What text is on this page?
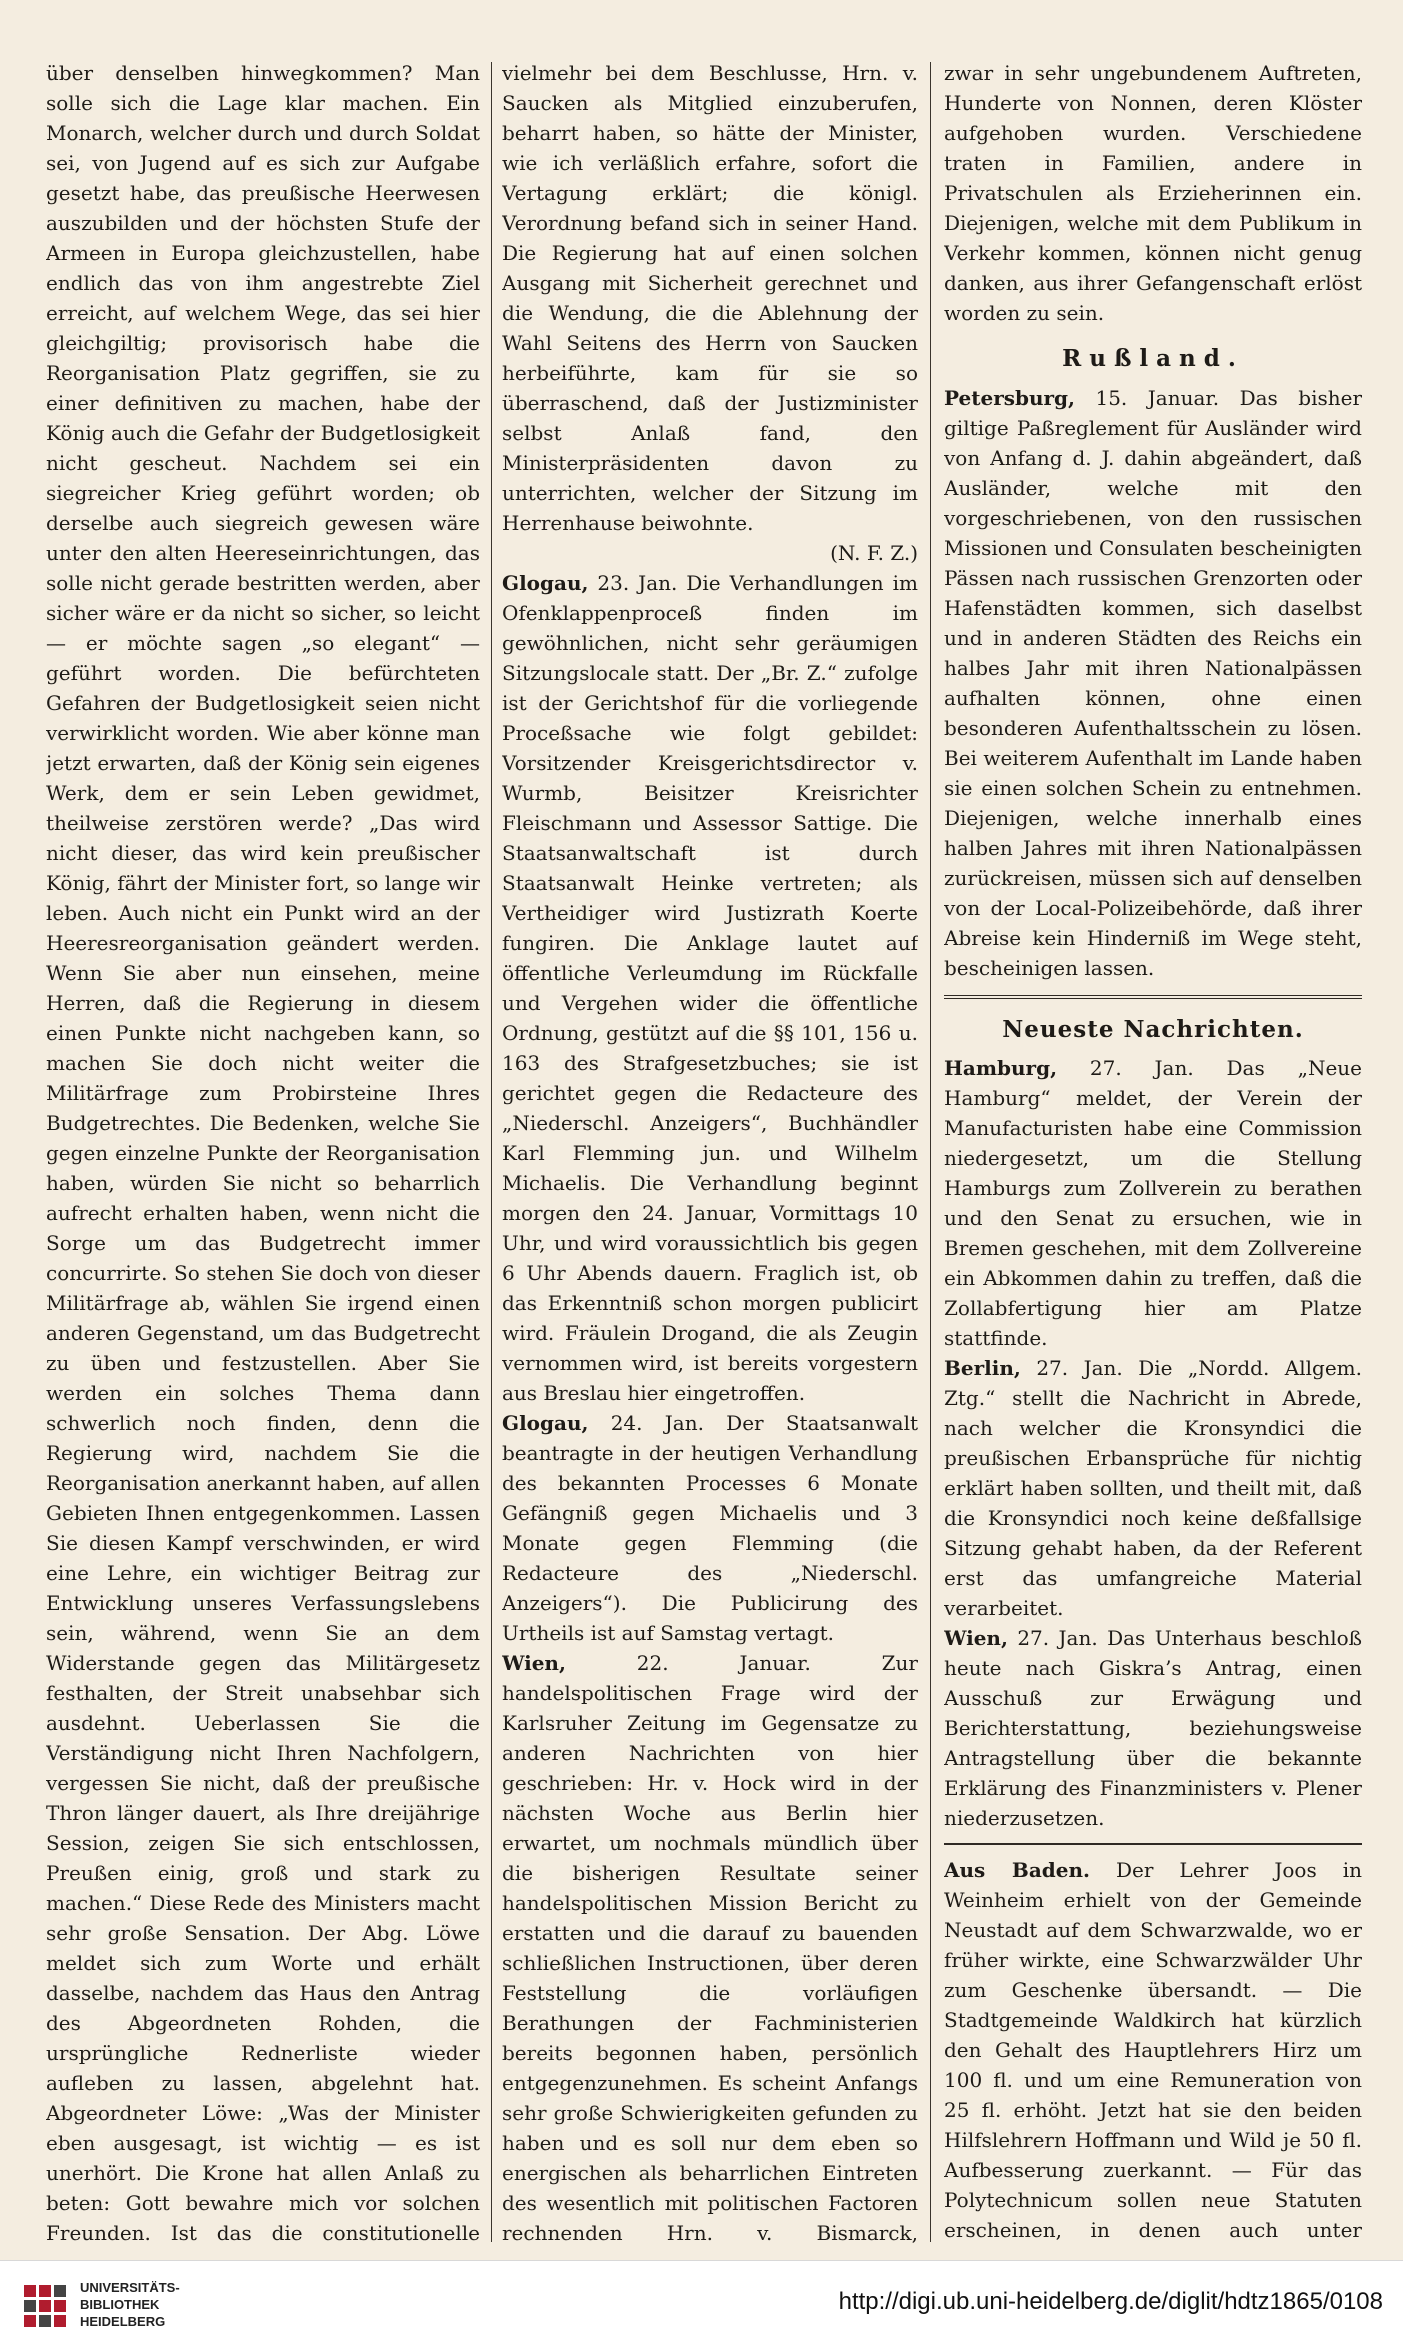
über denselben hinwegkommen? Man solle sich die Lage klar machen. Ein Monarch, welcher durch und durch Soldat sei, von Jugend auf es sich zur Aufgabe gesetzt habe, das preußische Heerwesen auszubilden und der höchsten Stufe der Armeen in Europa gleichzustellen, habe endlich das von ihm angestrebte Ziel erreicht, auf welchem Wege, das sei hier gleichgiltig; provisorisch habe die Reorganisation Platz gegriffen, sie zu einer definitiven zu machen, habe der König auch die Gefahr der Budgetlosigkeit nicht gescheut. Nachdem sei ein siegreicher Krieg geführt worden; ob derselbe auch siegreich gewesen wäre unter den alten Heereseinrichtungen, das solle nicht gerade bestritten werden, aber sicher wäre er da nicht so sicher, so leicht — er möchte sagen „so elegant“ — geführt worden. Die befürchteten Gefahren der Budgetlosigkeit seien nicht verwirklicht worden. Wie aber könne man jetzt erwarten, daß der König sein eigenes Werk, dem er sein Leben gewidmet, theilweise zerstören werde? „Das wird nicht dieser, das wird kein preußischer König, fährt der Minister fort, so lange wir leben. Auch nicht ein Punkt wird an der Heeresreorganisation geändert werden. Wenn Sie aber nun einsehen, meine Herren, daß die Regierung in diesem einen Punkte nicht nachgeben kann, so machen Sie doch nicht weiter die Militärfrage zum Probirsteine Ihres Budgetrechtes. Die Bedenken, welche Sie gegen einzelne Punkte der Reorganisation haben, würden Sie nicht so beharrlich aufrecht erhalten haben, wenn nicht die Sorge um das Budgetrecht immer concurrirte. So stehen Sie doch von dieser Militärfrage ab, wählen Sie irgend einen anderen Gegenstand, um das Budgetrecht zu üben und festzustellen. Aber Sie werden ein solches Thema dann schwerlich noch finden, denn die Regierung wird, nachdem Sie die Reorganisation anerkannt haben, auf allen Gebieten Ihnen entgegenkommen. Lassen Sie diesen Kampf verschwinden, er wird eine Lehre, ein wichtiger Beitrag zur Entwicklung unseres Verfassungslebens sein, während, wenn Sie an dem Widerstande gegen das Militärgesetz festhalten, der Streit unabsehbar sich ausdehnt. Ueberlassen Sie die Verständigung nicht Ihren Nachfolgern, vergessen Sie nicht, daß der preußische Thron länger dauert, als Ihre dreijährige Session, zeigen Sie sich entschlossen, Preußen einig, groß und stark zu machen.“ Diese Rede des Ministers macht sehr große Sensation. Der Abg. Löwe meldet sich zum Worte und erhält dasselbe, nachdem das Haus den Antrag des Abgeordneten Rohden, die ursprüngliche Rednerliste wieder aufleben zu lassen, abgelehnt hat. Abgeordneter Löwe: „Was der Minister eben ausgesagt, ist wichtig — es ist unerhört. Die Krone hat allen Anlaß zu beten: Gott bewahre mich vor solchen Freunden. Ist das die constitutionelle

vielmehr bei dem Beschlusse, Hrn. v. Saucken als Mitglied einzuberufen, beharrt haben, so hätte der Minister, wie ich verläßlich erfahre, sofort die Vertagung erklärt; die königl. Verordnung befand sich in seiner Hand. Die Regierung hat auf einen solchen Ausgang mit Sicherheit gerechnet und die Wendung, die die Ablehnung der Wahl Seitens des Herrn von Saucken herbeiführte, kam für sie so überraschend, daß der Justizminister selbst Anlaß fand, den Ministerpräsidenten davon zu unterrichten, welcher der Sitzung im Herrenhause beiwohnte.

(N. F. Z.)

Glogau, 23. Jan. Die Verhandlungen im Ofenklappenproceß finden im gewöhnlichen, nicht sehr geräumigen Sitzungslocale statt. Der „Br. Z.“ zufolge ist der Gerichtshof für die vorliegende Proceßsache wie folgt gebildet: Vorsitzender Kreisgerichtsdirector v. Wurmb, Beisitzer Kreisrichter Fleischmann und Assessor Sattige. Die Staatsanwaltschaft ist durch Staatsanwalt Heinke vertreten; als Vertheidiger wird Justizrath Koerte fungiren. Die Anklage lautet auf öffentliche Verleumdung im Rückfalle und Vergehen wider die öffentliche Ordnung, gestützt auf die §§ 101, 156 u. 163 des Strafgesetzbuches; sie ist gerichtet gegen die Redacteure des „Niederschl. Anzeigers“, Buchhändler Karl Flemming jun. und Wilhelm Michaelis. Die Verhandlung beginnt morgen den 24. Januar, Vormittags 10 Uhr, und wird voraussichtlich bis gegen 6 Uhr Abends dauern. Fraglich ist, ob das Erkenntniß schon morgen publicirt wird. Fräulein Drogand, die als Zeugin vernommen wird, ist bereits vorgestern aus Breslau hier eingetroffen.

Glogau, 24. Jan. Der Staatsanwalt beantragte in der heutigen Verhandlung des bekannten Processes 6 Monate Gefängniß gegen Michaelis und 3 Monate gegen Flemming (die Redacteure des „Niederschl. Anzeigers“). Die Publicirung des Urtheils ist auf Samstag vertagt.

Wien,	22. Januar. Zur handelspolitischen Frage wird der Karlsruher Zeitung im Gegensatze zu anderen Nachrichten von hier geschrieben: Hr. v. Hock wird in der nächsten Woche aus Berlin hier erwartet, um nochmals mündlich über die bisherigen Resultate seiner handelspolitischen Mission Bericht zu erstatten und die darauf zu bauenden schließlichen Instructionen, über deren Feststellung die vorläufigen Berathungen der Fachministerien bereits begonnen haben, persönlich entgegenzunehmen. Es scheint Anfangs sehr große Schwierigkeiten gefunden zu haben und es soll nur dem eben so energischen als beharrlichen Eintreten des wesentlich mit politischen Factoren rechnenden Hrn. v. Bismarck,

zwar in sehr ungebundenem Auftreten, Hunderte von Nonnen, deren Klöster aufgehoben wurden. Verschiedene traten in Familien, andere in Privatschulen als Erzieherinnen ein. Diejenigen, welche mit dem Publikum in Verkehr kommen, können nicht genug danken, aus ihrer Gefangenschaft erlöst worden zu sein.

Rußland.

Petersburg, 15. Januar. Das bisher giltige Paßreglement für Ausländer wird von Anfang d. J. dahin abgeändert, daß Ausländer, welche mit den vorgeschriebenen, von den russischen Missionen und Consulaten bescheinigten Pässen nach russischen Grenzorten oder Hafenstädten kommen, sich daselbst und in anderen Städten des Reichs ein halbes Jahr mit ihren Nationalpässen aufhalten können, ohne einen besonderen Aufenthaltsschein zu lösen. Bei weiterem Aufenthalt im Lande haben sie einen solchen Schein zu entnehmen. Diejenigen, welche innerhalb eines halben Jahres mit ihren Nationalpässen zurückreisen, müssen sich auf denselben von der Local-Polizeibehörde, daß ihrer Abreise kein Hinderniß im Wege steht, bescheinigen lassen.

Neueste Nachrichten.

Hamburg, 27. Jan. Das „Neue Hamburg“ meldet, der Verein der Manufacturisten habe eine Commission niedergesetzt, um die Stellung Hamburgs zum Zollverein zu berathen und den Senat zu ersuchen, wie in Bremen geschehen, mit dem Zollvereine ein Abkommen dahin zu treffen, daß die Zollabfertigung hier am Platze stattfinde.

Berlin, 27. Jan. Die „Nordd. Allgem. Ztg.“ stellt die Nachricht in Abrede, nach welcher die Kronsyndici die preußischen Erbansprüche für nichtig erklärt haben sollten, und theilt mit, daß die Kronsyndici noch keine deßfallsige Sitzung gehabt haben, da der Referent erst das umfangreiche Material verarbeitet.

Wien, 27. Jan. Das Unterhaus beschloß heute nach Giskra’s Antrag, einen Ausschuß zur Erwägung und Berichterstattung, beziehungsweise Antragstellung über die bekannte Erklärung des Finanzministers v. Plener niederzusetzen.

Aus Baden. Der Lehrer Joos in Weinheim erhielt von der Gemeinde Neustadt auf dem Schwarzwalde, wo er früher wirkte, eine Schwarzwälder Uhr zum Geschenke übersandt. — Die Stadtgemeinde Waldkirch hat kürzlich den Gehalt des Hauptlehrers Hirz um 100 fl. und um eine Remuneration von 25 fl. erhöht. Jetzt hat sie den beiden Hilfslehrern Hoffmann und Wild je 50 fl. Aufbesserung zuerkannt. — Für das Polytechnicum sollen neue Statuten erscheinen, in denen auch unter

UNIVERSITÄTS-
BIBLIOTHEK
HEIDELBERG
http://digi.ub.uni-heidelberg.de/diglit/hdtz1865/0108
